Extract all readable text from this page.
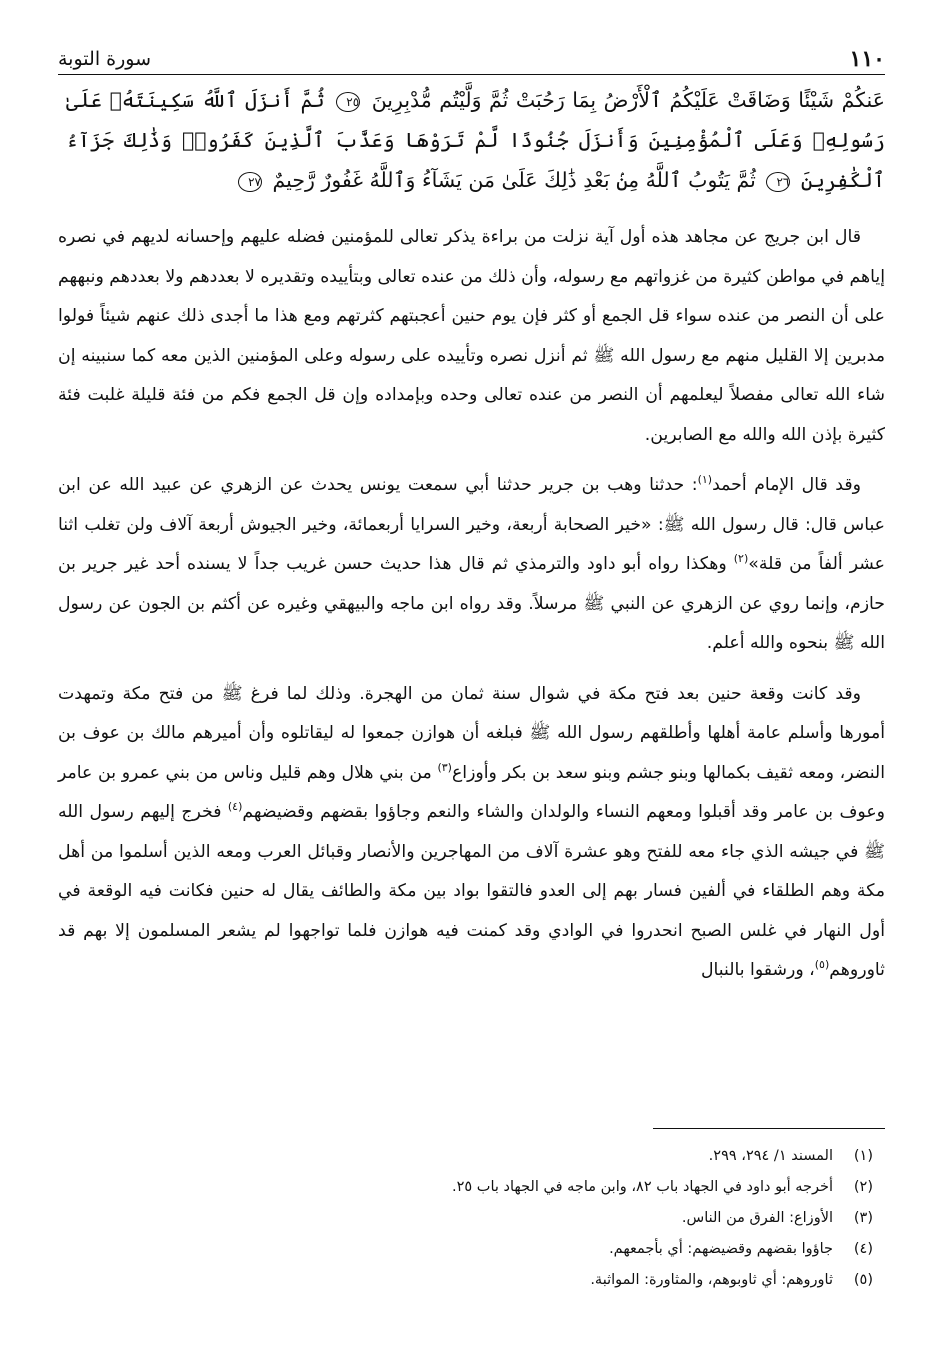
سورة التوبة	١١٠
عَنكُمْ شَيْئًا وَضَاقَتْ عَلَيْكُمُ ٱلْأَرْضُ بِمَا رَحُبَتْ ثُمَّ وَلَّيْتُم مُّدْبِرِينَ ٢٥ ثُمَّ أَنزَلَ ٱللَّهُ سَكِينَتَهُۥ عَلَىٰ رَسُولِهِۦ وَعَلَى ٱلْمُؤْمِنِينَ وَأَنزَلَ جُنُودًا لَّمْ تَرَوْهَا وَعَذَّبَ ٱلَّذِينَ كَفَرُوا۟ وَذَٰلِكَ جَزَآءُ ٱلْكَٰفِرِينَ ٢٦ ثُمَّ يَتُوبُ ٱللَّهُ مِنۢ بَعْدِ ذَٰلِكَ عَلَىٰ مَن يَشَآءُ وَٱللَّهُ غَفُورٌ رَّحِيمٌ ٢٧

قال ابن جريج عن مجاهد هذه أول آية نزلت من براءة يذكر تعالى للمؤمنين فضله عليهم وإحسانه لديهم في نصره إياهم في مواطن كثيرة من غزواتهم مع رسوله، وأن ذلك من عنده تعالى وبتأييده وتقديره لا بعددهم ولا بعددهم ونبههم على أن النصر من عنده سواء قل الجمع أو كثر فإن يوم حنين أعجبتهم كثرتهم ومع هذا ما أجدى ذلك عنهم شيئاً فولوا مدبرين إلا القليل منهم مع رسول الله ﷺ ثم أنزل نصره وتأييده على رسوله وعلى المؤمنين الذين معه كما سنبينه إن شاء الله تعالى مفصلاً ليعلمهم أن النصر من عنده تعالى وحده وبإمداده وإن قل الجمع فكم من فئة قليلة غلبت فئة كثيرة بإذن الله والله مع الصابرين.

وقد قال الإمام أحمد$^{(١)}$: حدثنا وهب بن جرير حدثنا أبي سمعت يونس يحدث عن الزهري عن عبيد الله عن ابن عباس قال: قال رسول الله ﷺ: «خير الصحابة أربعة، وخير السرايا أربعمائة، وخير الجيوش أربعة آلاف ولن تغلب اثنا عشر ألفاً من قلة»$^{(٢)}$ وهكذا رواه أبو داود والترمذي ثم قال هذا حديث حسن غريب جداً لا يسنده أحد غير جرير بن حازم، وإنما روي عن الزهري عن النبي ﷺ مرسلاً. وقد رواه ابن ماجه والبيهقي وغيره عن أكثم بن الجون عن رسول الله ﷺ بنحوه والله أعلم.

وقد كانت وقعة حنين بعد فتح مكة في شوال سنة ثمان من الهجرة. وذلك لما فرغ ﷺ من فتح مكة وتمهدت أمورها وأسلم عامة أهلها وأطلقهم رسول الله ﷺ فبلغه أن هوازن جمعوا له ليقاتلوه وأن أميرهم مالك بن عوف بن النضر، ومعه ثقيف بكمالها وبنو جشم وبنو سعد بن بكر وأوزاع$^{(٣)}$ من بني هلال وهم قليل وناس من بني عمرو بن عامر وعوف بن عامر وقد أقبلوا ومعهم النساء والولدان والشاء والنعم وجاؤوا بقضهم وقضيضهم$^{(٤)}$ فخرج إليهم رسول الله ﷺ في جيشه الذي جاء معه للفتح وهو عشرة آلاف من المهاجرين والأنصار وقبائل العرب ومعه الذين أسلموا من أهل مكة وهم الطلقاء في ألفين فسار بهم إلى العدو فالتقوا بواد بين مكة والطائف يقال له حنين فكانت فيه الوقعة في أول النهار في غلس الصبح انحدروا في الوادي وقد كمنت فيه هوازن فلما تواجهوا لم يشعر المسلمون إلا بهم قد ثاوروهم$^{(٥)}$، ورشقوا بالنبال

(١)
المسند ١/ ٢٩٤، ٢٩٩.
(٢)
أخرجه أبو داود في الجهاد باب ٨٢، وابن ماجه في الجهاد باب ٢٥.
(٣)
الأوزاع: الفرق من الناس.
(٤)
جاؤوا بقضهم وقضيضهم: أي بأجمعهم.
(٥)
ثاوروهم: أي ثاوبوهم، والمثاورة: المواثبة.
